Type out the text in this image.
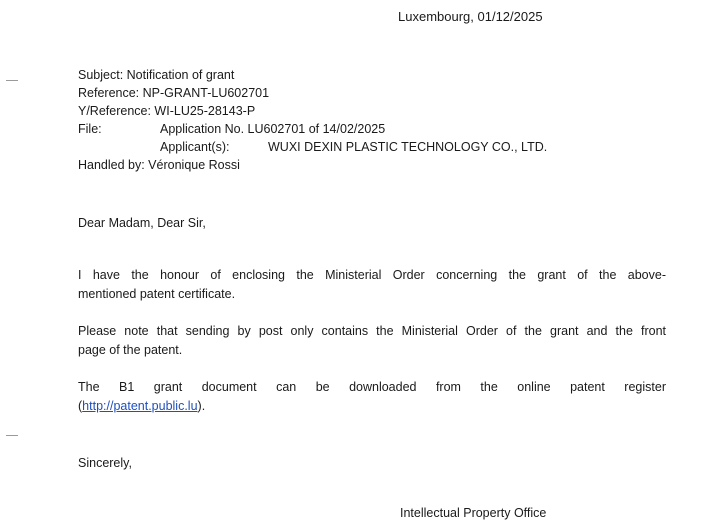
Luxembourg, 01/12/2025
Subject: Notification of grant
Reference: NP-GRANT-LU602701
Y/Reference: WI-LU25-28143-P
File:	Application No. LU602701 of 14/02/2025
Applicant(s):	WUXI DEXIN PLASTIC TECHNOLOGY CO., LTD.
Handled by: Véronique Rossi
Dear Madam, Dear Sir,
I have the honour of enclosing the Ministerial Order concerning the grant of the above-
mentioned patent certificate.
Please note that sending by post only contains the Ministerial Order of the grant and the front
page of the patent.
The B1 grant document can be downloaded from the online patent register
(http://patent.public.lu).
Sincerely,
Intellectual Property Office
